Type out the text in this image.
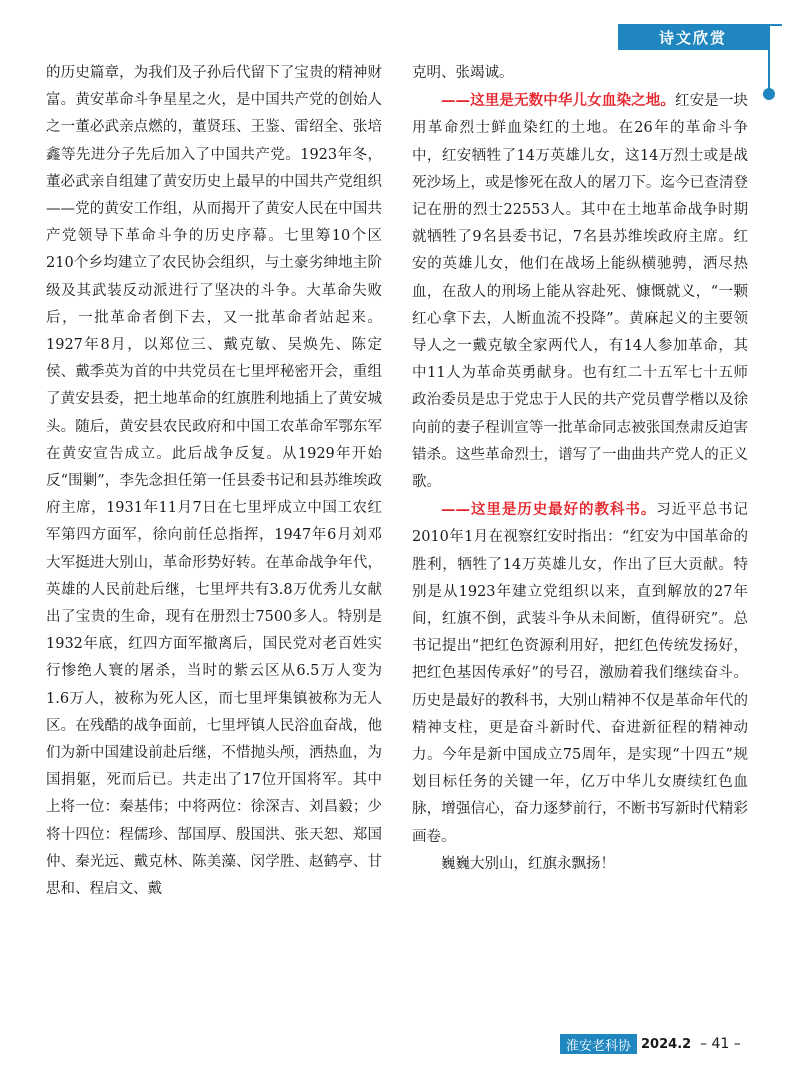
诗文欣赏

的历史篇章，为我们及子孙后代留下了宝贵的精神财富。黄安革命斗争星星之火，是中国共产党的创始人之一董必武亲点燃的，董贤珏、王鉴、雷绍全、张培鑫等先进分子先后加入了中国共产党。1923年冬，董必武亲自组建了黄安历史上最早的中国共产党组织——党的黄安工作组，从而揭开了黄安人民在中国共产党领导下革命斗争的历史序幕。七里筹10个区210个乡均建立了农民协会组织，与土豪劣绅地主阶级及其武装反动派进行了坚决的斗争。大革命失败后，一批革命者倒下去，又一批革命者站起来。1927年8月，以郑位三、戴克敏、吴焕先、陈定侯、戴季英为首的中共党员在七里坪秘密开会，重组了黄安县委，把土地革命的红旗胜利地插上了黄安城头。随后，黄安县农民政府和中国工农革命军鄂东军在黄安宣告成立。此后战争反复。从1929年开始反“围剿”，李先念担任第一任县委书记和县苏维埃政府主席，1931年11月7日在七里坪成立中国工农红军第四方面军，徐向前任总指挥，1947年6月刘邓大军挺进大别山，革命形势好转。在革命战争年代，英雄的人民前赴后继，七里坪共有3.8万优秀儿女献出了宝贵的生命，现有在册烈士7500多人。特别是1932年底，红四方面军撤离后，国民党对老百姓实行惨绝人寰的屠杀，当时的紫云区从6.5万人变为1.6万人，被称为死人区，而七里坪集镇被称为无人区。在残酷的战争面前，七里坪镇人民浴血奋战，他们为新中国建设前赴后继，不惜抛头颅，洒热血，为国捐躯，死而后已。共走出了17位开国将军。其中上将一位：秦基伟；中将两位：徐深吉、刘昌毅；少将十四位：程儒珍、郜国厚、殷国洪、张天恕、郑国仲、秦光远、戴克林、陈美藻、闵学胜、赵鹤亭、甘思和、程启文、戴

克明、张竭诚。

——这里是无数中华儿女血染之地。红安是一块用革命烈士鲜血染红的土地。在26年的革命斗争中，红安牺牲了14万英雄儿女，这14万烈士或是战死沙场上，或是惨死在敌人的屠刀下。迄今已查清登记在册的烈士22553人。其中在土地革命战争时期就牺牲了9名县委书记，7名县苏维埃政府主席。红安的英雄儿女，他们在战场上能纵横驰骋，洒尽热血，在敌人的刑场上能从容赴死、慷慨就义，“一颗红心拿下去，人断血流不投降”。黄麻起义的主要领导人之一戴克敏全家两代人，有14人参加革命，其中11人为革命英勇献身。也有红二十五军七十五师政治委员是忠于党忠于人民的共产党员曹学楷以及徐向前的妻子程训宣等一批革命同志被张国焘肃反迫害错杀。这些革命烈士，谱写了一曲曲共产党人的正义歌。

——这里是历史最好的教科书。习近平总书记2010年1月在视察红安时指出：“红安为中国革命的胜利，牺牲了14万英雄儿女，作出了巨大贡献。特别是从1923年建立党组织以来，直到解放的27年间，红旗不倒，武装斗争从未间断，值得研究”。总书记提出“把红色资源利用好，把红色传统发扬好，把红色基因传承好”的号召，激励着我们继续奋斗。历史是最好的教科书，大别山精神不仅是革命年代的精神支柱，更是奋斗新时代、奋进新征程的精神动力。今年是新中国成立75周年，是实现“十四五”规划目标任务的关键一年，亿万中华儿女赓续红色血脉，增强信心，奋力逐梦前行，不断书写新时代精彩画卷。

巍巍大别山，红旗永飘扬！

淮安老科协 2024.2 – 41 –
